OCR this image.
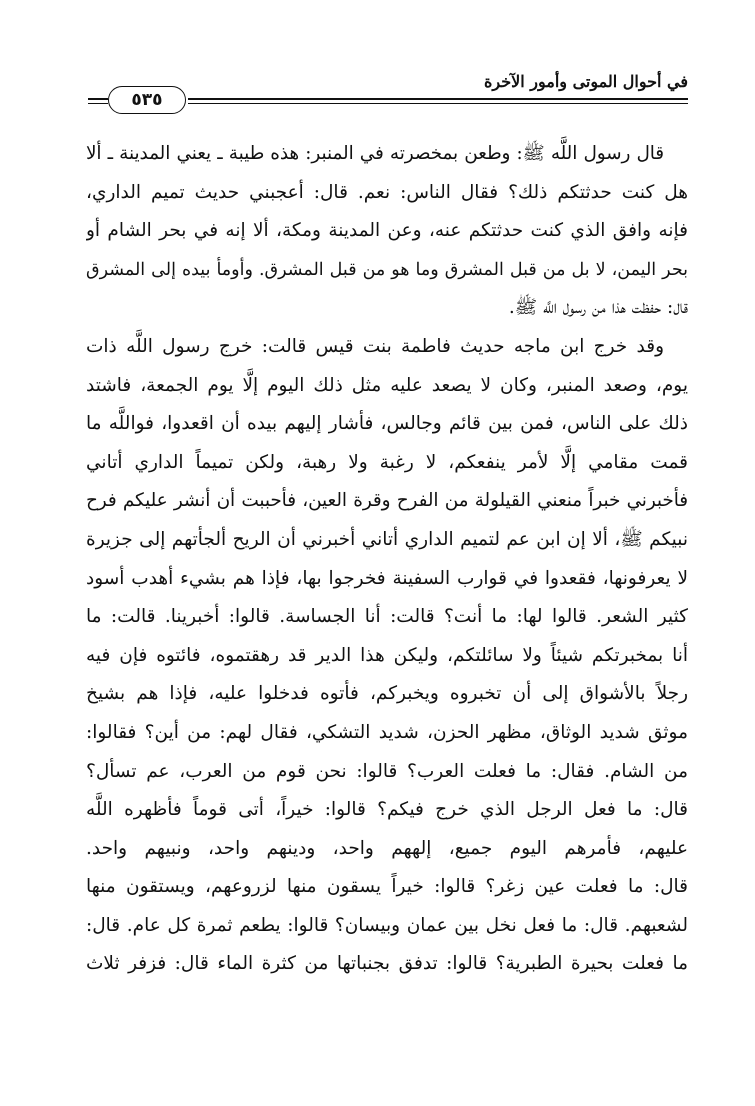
٥٣٥
في أحوال الموتى وأمور الآخرة
قال رسول اللَّه ﷺ: وطعن بمخصرته في المنبر: هذه طيبة ـ يعني المدينة ـ ألا
هل كنت حدثتكم ذلك؟ فقال الناس: نعم. قال: أعجبني حديث تميم الداري،
فإنه وافق الذي كنت حدثتكم عنه، وعن المدينة ومكة، ألا إنه في بحر الشام أو
بحر اليمن، لا بل من قبل المشرق وما هو من قبل المشرق. وأومأ بيده إلى المشرق
قال: حفظت هذا من رسول اللَّه ﷺ.
وقد خرج ابن ماجه حديث فاطمة بنت قيس قالت: خرج رسول اللَّه ذات
يوم، وصعد المنبر، وكان لا يصعد عليه مثل ذلك اليوم إلَّا يوم الجمعة، فاشتد
ذلك على الناس، فمن بين قائم وجالس، فأشار إليهم بيده أن اقعدوا، فواللَّه ما
قمت مقامي إلَّا لأمر ينفعكم، لا رغبة ولا رهبة، ولكن تميماً الداري أتاني
فأخبرني خبراً منعني القيلولة من الفرح وقرة العين، فأحببت أن أنشر عليكم فرح
نبيكم ﷺ، ألا إن ابن عم لتميم الداري أتاني أخبرني أن الريح ألجأتهم إلى جزيرة
لا يعرفونها، فقعدوا في قوارب السفينة فخرجوا بها، فإذا هم بشيء أهدب أسود
كثير الشعر. قالوا لها: ما أنت؟ قالت: أنا الجساسة. قالوا: أخبرينا. قالت: ما
أنا بمخبرتكم شيئاً ولا سائلتكم، وليكن هذا الدير قد رهقتموه، فائتوه فإن فيه
رجلاً بالأشواق إلى أن تخبروه ويخبركم، فأتوه فدخلوا عليه، فإذا هم بشيخ
موثق شديد الوثاق، مظهر الحزن، شديد التشكي، فقال لهم: من أين؟ فقالوا:
من الشام. فقال: ما فعلت العرب؟ قالوا: نحن قوم من العرب، عم تسأل؟
قال: ما فعل الرجل الذي خرج فيكم؟ قالوا: خيراً، أتى قوماً فأظهره اللَّه
عليهم، فأمرهم اليوم جميع، إلههم واحد، ودينهم واحد، ونبيهم واحد.
قال: ما فعلت عين زغر؟ قالوا: خيراً يسقون منها لزروعهم، ويستقون منها
لشعبهم. قال: ما فعل نخل بين عمان وبيسان؟ قالوا: يطعم ثمرة كل عام. قال:
ما فعلت بحيرة الطبرية؟ قالوا: تدفق بجنباتها من كثرة الماء قال: فزفر ثلاث
